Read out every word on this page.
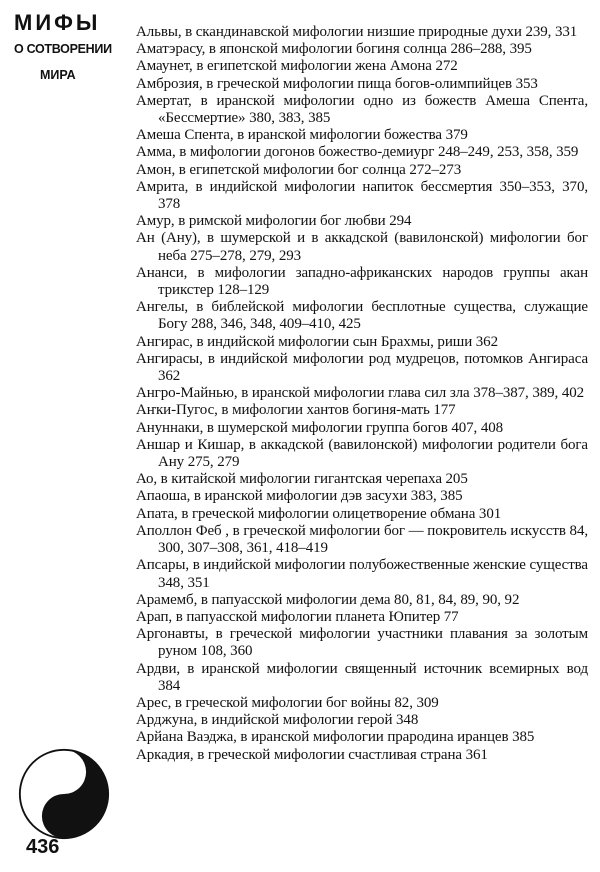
МИФЫ
О СОТВОРЕНИИ
МИРА
436
Альвы, в скандинавской мифологии низшие природные духи 239, 331
Аматэрасу, в японской мифологии богиня солнца 286–288, 395
Амаунет, в египетской мифологии жена Амона 272
Амброзия, в греческой мифологии пища богов-олимпийцев 353
Амертат, в иранской мифологии одно из божеств Амеша Спента, «Бессмертие» 380, 383, 385
Амеша Спента, в иранской мифологии божества 379
Амма, в мифологии догонов божество-демиург 248–249, 253, 358, 359
Амон, в египетской мифологии бог солнца 272–273
Амрита, в индийской мифологии напиток бессмертия 350–353, 370, 378
Амур, в римской мифологии бог любви 294
Ан (Ану), в шумерской и в аккадской (вавилонской) мифологии бог неба 275–278, 279, 293
Ананси, в мифологии западно-африканских народов группы акан трикстер 128–129
Ангелы, в библейской мифологии бесплотные существа, служащие Богу 288, 346, 348, 409–410, 425
Ангирас, в индийской мифологии сын Брахмы, риши 362
Ангирасы, в индийской мифологии род мудрецов, потомков Ангираса 362
Ангро-Майнью, в иранской мифологии глава сил зла 378–387, 389, 402
Аҥки-Пугос, в мифологии хантов богиня-мать 177
Ануннаки, в шумерской мифологии группа богов 407, 408
Аншар и Кишар, в аккадской (вавилонской) мифологии родители бога Ану 275, 279
Ао, в китайской мифологии гигантская черепаха 205
Апаоша, в иранской мифологии дэв засухи 383, 385
Апата, в греческой мифологии олицетворение обмана 301
Аполлон Феб , в греческой мифологии бог — покровитель искусств 84, 300, 307–308, 361, 418–419
Апсары, в индийской мифологии полубожественные женские существа 348, 351
Арамемб, в папуасской мифологии дема 80, 81, 84, 89, 90, 92
Арап, в папуасской мифологии планета Юпитер 77
Аргонавты, в греческой мифологии участники плавания за золотым руном 108, 360
Ардви, в иранской мифологии священный источник всемирных вод 384
Арес, в греческой мифологии бог войны 82, 309
Арджуна, в индийской мифологии герой 348
Арйана Ваэджа, в иранской мифологии прародина иранцев 385
Аркадия, в греческой мифологии счастливая страна 361
